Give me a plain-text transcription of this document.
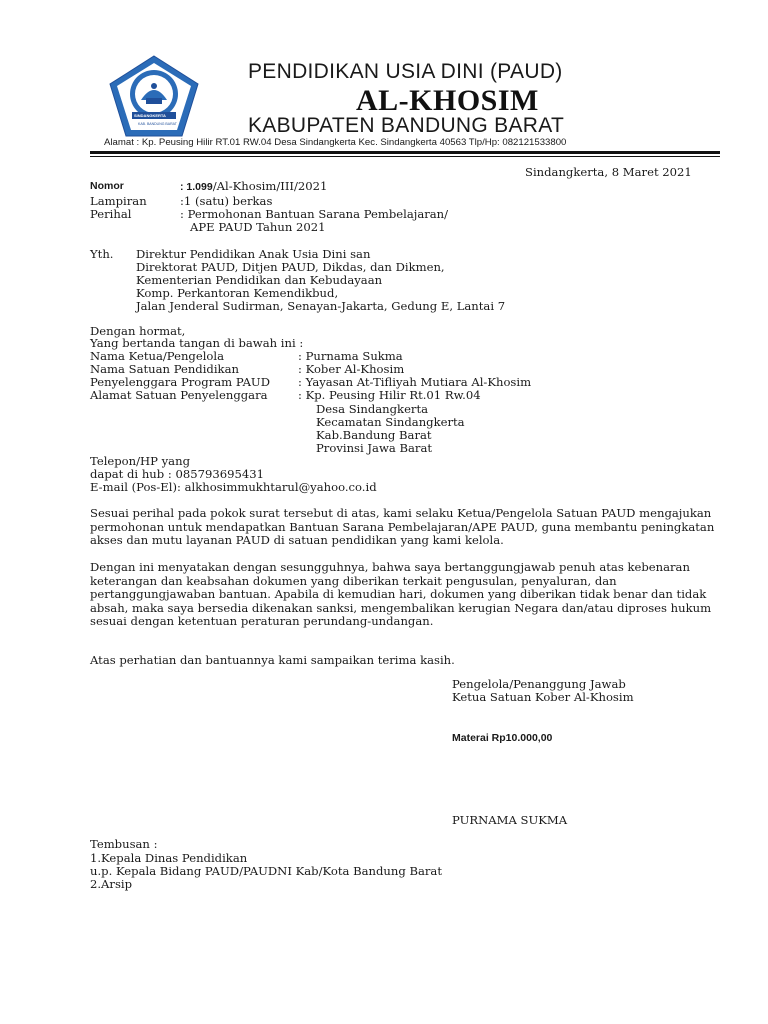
SINDANGKERTA
KAB. BANDUNG BARAT
PENDIDIKAN USIA DINI (PAUD)
AL-KHOSIM
KABUPATEN BANDUNG BARAT
Alamat : Kp. Peusing Hilir RT.01 RW.04 Desa Sindangkerta Kec. Sindangkerta 40563 Tlp/Hp: 082121533800
Sindangkerta, 8 Maret 2021
Nomor	: 1.099/Al-Khosim/III/2021
Lampiran	:1 (satu) berkas
Perihal	: Permohonan Bantuan Sarana Pembelajaran/
APE PAUD Tahun 2021
Yth. Direktur Pendidikan Anak Usia Dini san
Direktorat PAUD, Ditjen PAUD, Dikdas, dan Dikmen,
Kementerian Pendidikan dan Kebudayaan
Komp. Perkantoran Kemendikbud,
Jalan Jenderal Sudirman, Senayan-Jakarta, Gedung E, Lantai 7
Dengan hormat,
Yang bertanda tangan di bawah ini :
Nama Ketua/Pengelola	: Purnama Sukma
Nama Satuan Pendidikan	: Kober Al-Khosim
Penyelenggara Program PAUD : Yayasan At-Tifliyah Mutiara Al-Khosim
Alamat Satuan Penyelenggara	: Kp. Peusing Hilir Rt.01 Rw.04
Desa Sindangkerta
Kecamatan Sindangkerta
Kab.Bandung Barat
Provinsi Jawa Barat
Telepon/HP yang
dapat di hub : 085793695431
E-mail (Pos-El): alkhosimmukhtarul@yahoo.co.id

Sesuai perihal pada pokok surat tersebut di atas, kami selaku Ketua/Pengelola Satuan PAUD mengajukan permohonan untuk mendapatkan Bantuan Sarana Pembelajaran/APE PAUD, guna membantu peningkatan akses dan mutu layanan PAUD di satuan pendidikan yang kami kelola.

Dengan ini menyatakan dengan sesungguhnya, bahwa saya bertanggungjawab penuh atas kebenaran keterangan dan keabsahan dokumen yang diberikan terkait pengusulan, penyaluran, dan pertanggungjawaban bantuan. Apabila di kemudian hari, dokumen yang diberikan tidak benar dan tidak absah, maka saya bersedia dikenakan sanksi, mengembalikan kerugian Negara dan/atau diproses hukum sesuai dengan ketentuan peraturan perundang-undangan.

Atas perhatian dan bantuannya kami sampaikan terima kasih.
Pengelola/Penanggung Jawab
Ketua Satuan Kober Al-Khosim
Materai Rp10.000,00
PURNAMA SUKMA
Tembusan :
1.Kepala Dinas Pendidikan
u.p. Kepala Bidang PAUD/PAUDNI Kab/Kota Bandung Barat
2.Arsip
